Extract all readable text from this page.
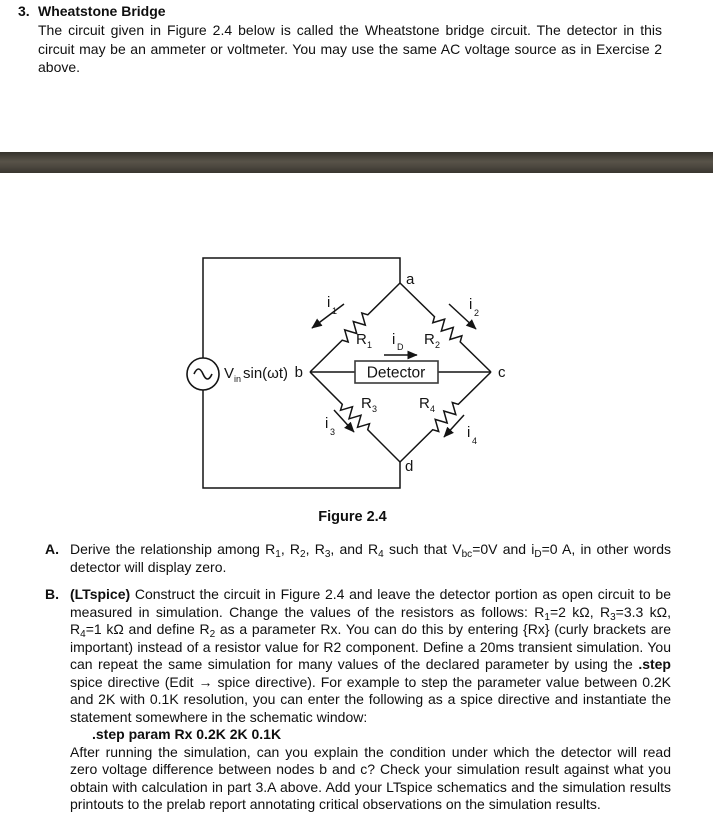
3. Wheatstone Bridge

The circuit given in Figure 2.4 below is called the Wheatstone bridge circuit. The detector in this circuit may be an ammeter or voltmeter. You may use the same AC voltage source as in Exercise 2 above.

Detector
a
b	c
d
R 1	R 2
R 3	R 4
i 1	i 2
i 3	i 4
i D
V in sin(ωt)
Figure 2.4
A. Derive the relationship among $R_1$, $R_2$, $R_3$, and $R_4$ such that $V_{bc}=0V$ and $i_D=0$ A, in other words detector will display zero.

B. (LTspice) Construct the circuit in Figure 2.4 and leave the detector portion as open circuit to be measured in simulation. Change the values of the resistors as follows: $R_1=2$ kΩ, $R_3=3.3$ kΩ, $R_4=1$ kΩ and define $R_2$ as a parameter Rx. You can do this by entering {Rx} (curly brackets are important) instead of a resistor value for R2 component. Define a 20ms transient simulation. You can repeat the same simulation for many values of the declared parameter by using the .step spice directive (Edit → spice directive). For example to step the parameter value between 0.2K and 2K with 0.1K resolution, you can enter the following as a spice directive and instantiate the statement somewhere in the schematic window:

.step param Rx 0.2K 2K 0.1K

After running the simulation, can you explain the condition under which the detector will read zero voltage difference between nodes b and c? Check your simulation result against what you obtain with calculation in part 3.A above. Add your LTspice schematics and the simulation results printouts to the prelab report annotating critical observations on the simulation results.
